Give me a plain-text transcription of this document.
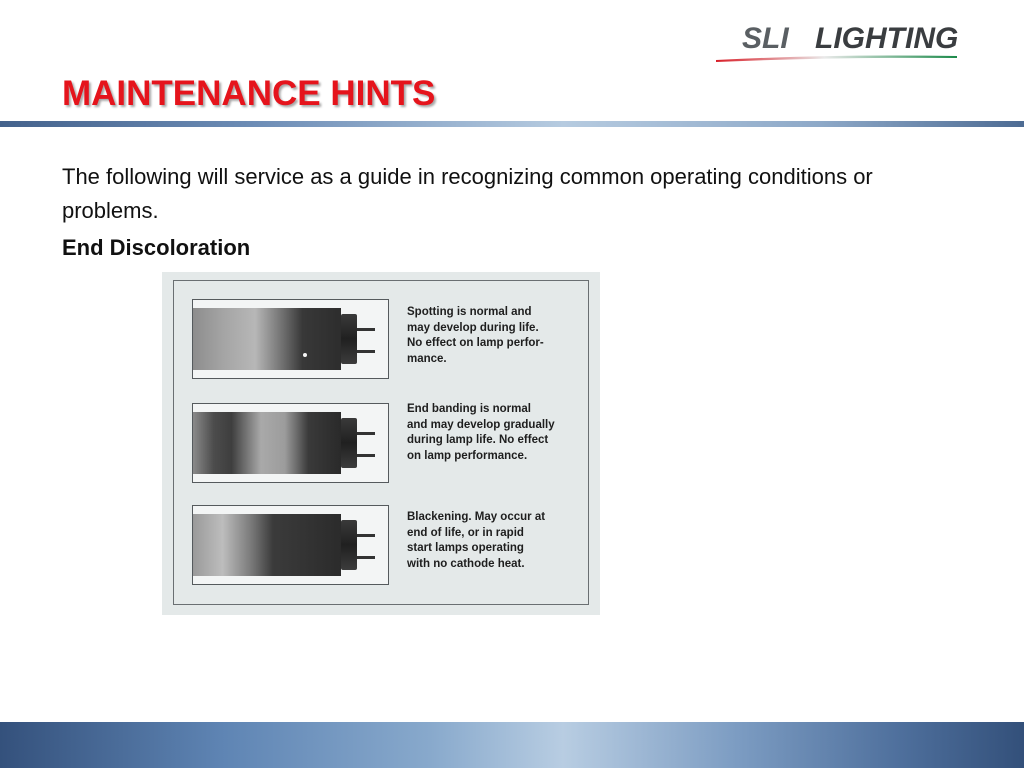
SLI LIGHTING
MAINTENANCE HINTS

The following will service as a guide in recognizing common operating conditions or problems.

End Discoloration
Spotting is normal and
may develop during life.
No effect on lamp perfor-
mance.
End banding is normal
and may develop gradually
during lamp life. No effect
on lamp performance.
Blackening. May occur at
end of life, or in rapid
start lamps operating
with no cathode heat.
